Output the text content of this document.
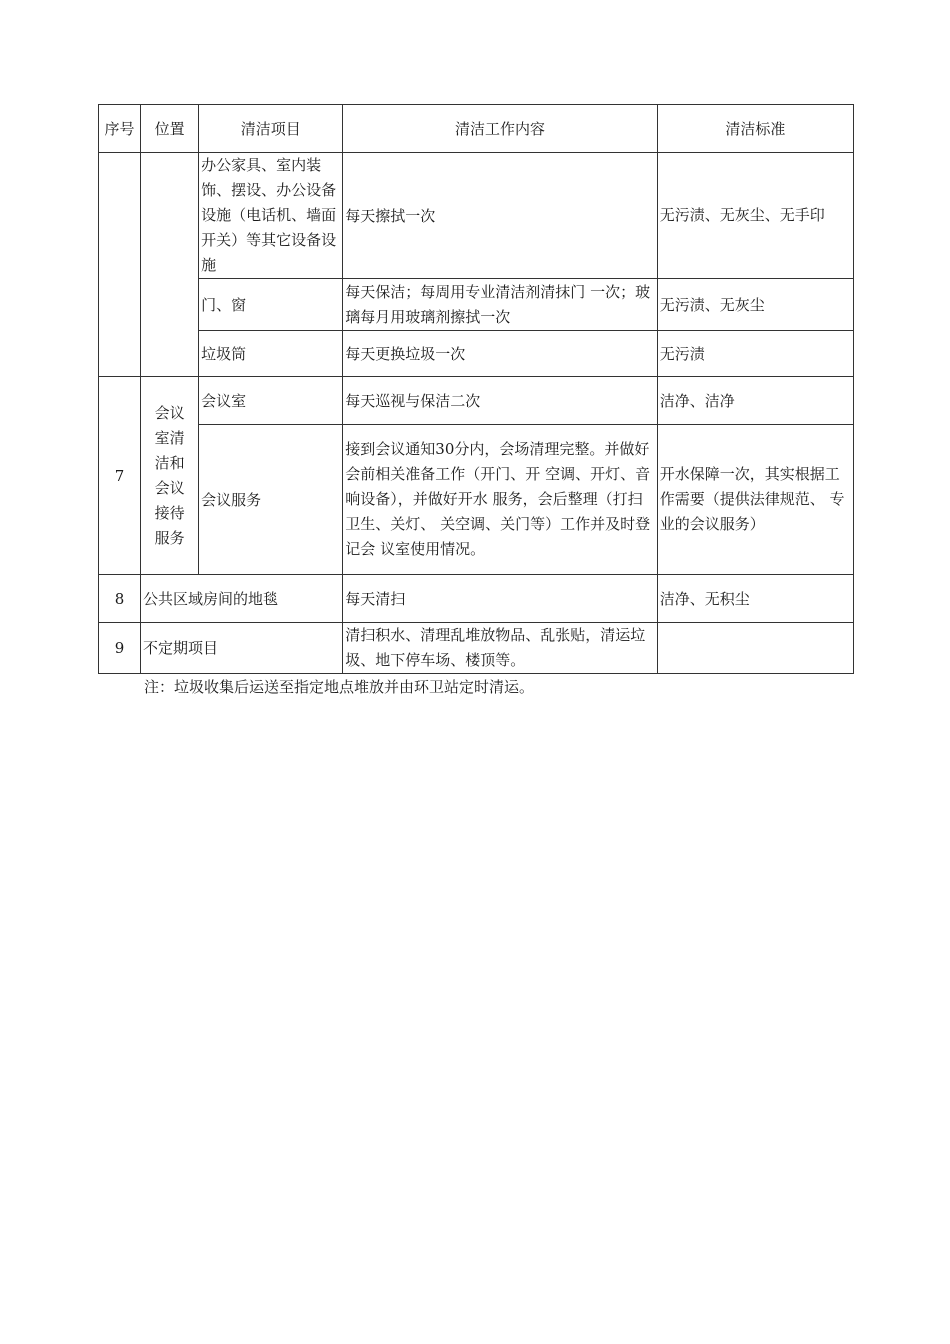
序号	位置	清洁项目	清洁工作内容	清洁标准
		办公家具、室内装饰、摆设、办公设备设施（电话机、墙面开关）等其它设备设施	每天擦拭一次	无污渍、无灰尘、无手印
		门、窗	每天保洁；每周用专业清洁剂清抹门 一次；玻璃每月用玻璃剂擦拭一次	无污渍、无灰尘
		垃圾筒	每天更换垃圾一次	无污渍
7	会议室清洁和会议接待服务	会议室	每天巡视与保洁二次	洁净、洁净
		会议服务	接到会议通知30分内，会场清理完整。并做好会前相关准备工作（开门、开 空调、开灯、音响设备），并做好开水 服务，会后整理（打扫卫生、关灯、 关空调、关门等）工作并及时登记会 议室使用情况。	开水保障一次，其实根据工作需要（提供法律规范、 专业的会议服务）
8	公共区域房间的地毯		每天清扫	洁净、无积尘
9	不定期项目		清扫积水、清理乱堆放物品、乱张贴，清运垃圾、地下停车场、楼顶等。	
注：垃圾收集后运送至指定地点堆放并由环卫站定时清运。
